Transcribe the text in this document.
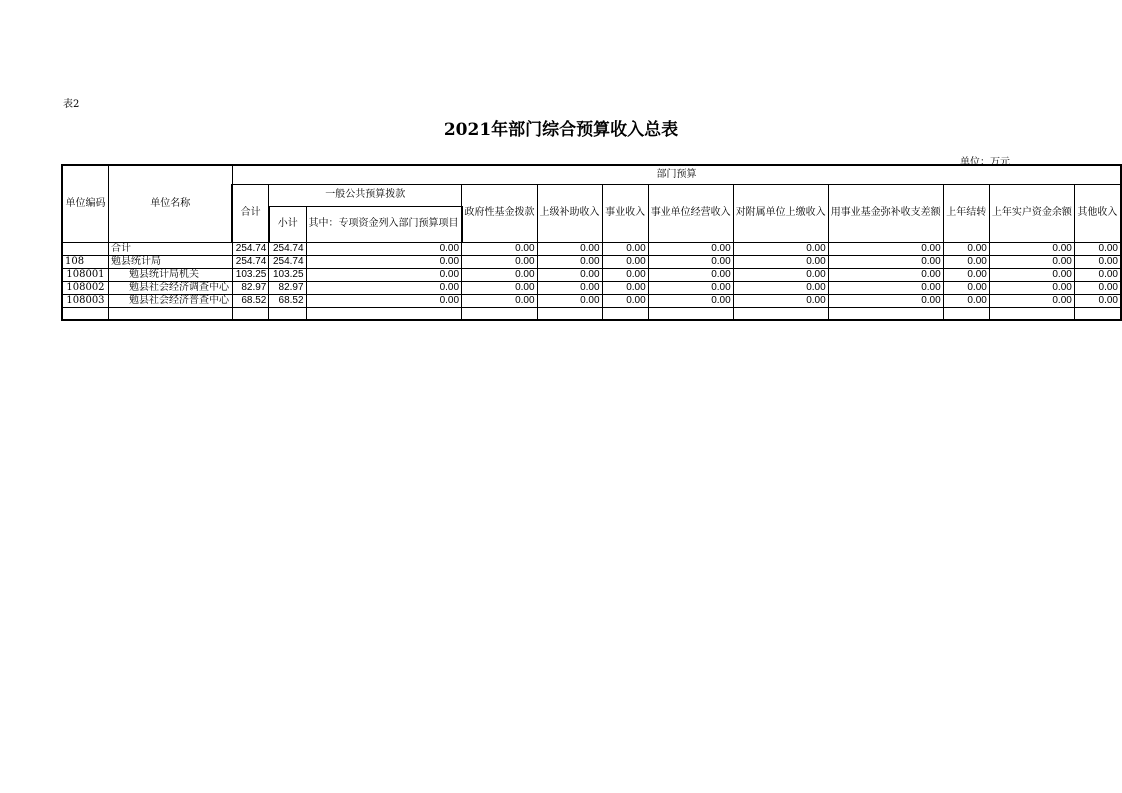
表2
2021年部门综合预算收入总表
单位：万元
单位编码	单位名称	部门预算											
		合计	一般公共预算拨款		政府性基金拨款	上级补助收入	事业收入	事业单位经营收入	对附属单位上缴收入	用事业基金弥补收支差额	上年结转	上年实户资金余额	其他收入
			小计	其中：专项资金列入部门预算项目									
	合计	254.74	254.74	0.00	0.00	0.00	0.00	0.00	0.00	0.00	0.00	0.00	0.00
108	勉县统计局	254.74	254.74	0.00	0.00	0.00	0.00	0.00	0.00	0.00	0.00	0.00	0.00
108001	勉县统计局机关	103.25	103.25	0.00	0.00	0.00	0.00	0.00	0.00	0.00	0.00	0.00	0.00
108002	勉县社会经济调查中心	82.97	82.97	0.00	0.00	0.00	0.00	0.00	0.00	0.00	0.00	0.00	0.00
108003	勉县社会经济普查中心	68.52	68.52	0.00	0.00	0.00	0.00	0.00	0.00	0.00	0.00	0.00	0.00
